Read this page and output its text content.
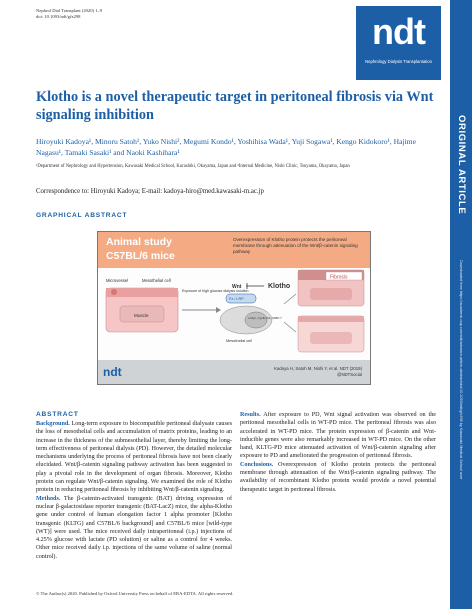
Nephrol Dial Transplant (2020) 1–9
doi: 10.1093/ndt/gfz298	ndt
Nephrology Dialysis Transplantation
ORIGINAL ARTICLE
Downloaded from https://academic.oup.com/ndt/advance-article-abstract/doi/10.1093/ndt/gfz298 by Kawasaki Medical School user
Klotho is a novel therapeutic target in peritoneal fibrosis via Wnt signaling inhibition
Hiroyuki Kadoya¹, Minoru Satoh¹, Yuko Nishi², Megumi Kondo¹, Yoshihisa Wada¹, Yuji Sogawa¹, Kengo Kidokoro¹, Hajime Nagasu¹, Tamaki Sasaki¹ and Naoki Kashihara¹
¹Department of Nephrology and Hypertension, Kawasaki Medical School, Kurashiki, Okayama, Japan and ²Internal Medicine, Nishi Clinic, Tsuyama, Okayama, Japan
Correspondence to: Hiroyuki Kadoya; E-mail: kadoya-hiro@med.kawasaki-m.ac.jp
GRAPHICAL ABSTRACT
Animal study
C57BL/6 mice
Overexpression of Klotho protein protects the peritoneal membrane through attenuation of the Wnt/β-catenin signaling pathway
Microvessel	Mesothelial cell
Muscle
Exposure of high glucose dialysis solution
Wnt	Klotho
Fz / LRP
c-Myc, Cyclin D1, MMP-7
Mesothelial cell
Fibrosis
ndt	Kadoya H, Satoh M, Nishi Y, et al. NDT (2019)
@NDTSocial
ABSTRACT

Background. Long-term exposure to biocompatible peritoneal dialysate causes the loss of mesothelial cells and accumulation of matrix proteins, leading to an increase in the thickness of the submesothelial layer, thereby limiting the long-term effectiveness of peritoneal dialysis (PD). However, the detailed molecular mechanisms underlying the process of peritoneal fibrosis have not been clearly elucidated. Wnt/β-catenin signaling pathway activation has been suggested to play a pivotal role in the development of organ fibrosis. Moreover, Klotho protein can regulate Wnt/β-catenin signaling. We examined the role of Klotho protein in reducing peritoneal fibrosis by inhibiting Wnt/β-catenin signaling.

Methods. The β-catenin-activated transgenic (BAT) driving expression of nuclear β-galactosidase reporter transgenic (BAT-LacZ) mice, the alpha-Klotho gene under control of human elongation factor 1 alpha promoter [Klotho transgenic (KLTG) and C57BL/6 background] and C57BL/6 mice [wild-type (WT)] were used. The mice received daily intraperitoneal (i.p.) injections of 4.25% glucose with lactate (PD solution) or saline as a control for 4 weeks. Other mice received daily i.p. injections of the same volume of saline (normal control).

Results. After exposure to PD, Wnt signal activation was observed on the peritoneal mesothelial cells in WT-PD mice. The peritoneal fibrosis was also accelerated in WT-PD mice. The protein expression of β-catenin and Wnt-inducible genes were also remarkably increased in WT-PD mice. On the other hand, KLTG-PD mice attenuated activation of Wnt/β-catenin signaling after exposure to PD and ameliorated the progression of peritoneal fibrosis.

Conclusions. Overexpression of Klotho protein protects the peritoneal membrane through attenuation of the Wnt/β-catenin signaling pathway. The availability of recombinant Klotho protein would provide a novel potential therapeutic target in peritoneal fibrosis.

© The Author(s) 2020. Published by Oxford University Press on behalf of ERA-EDTA. All rights reserved.
